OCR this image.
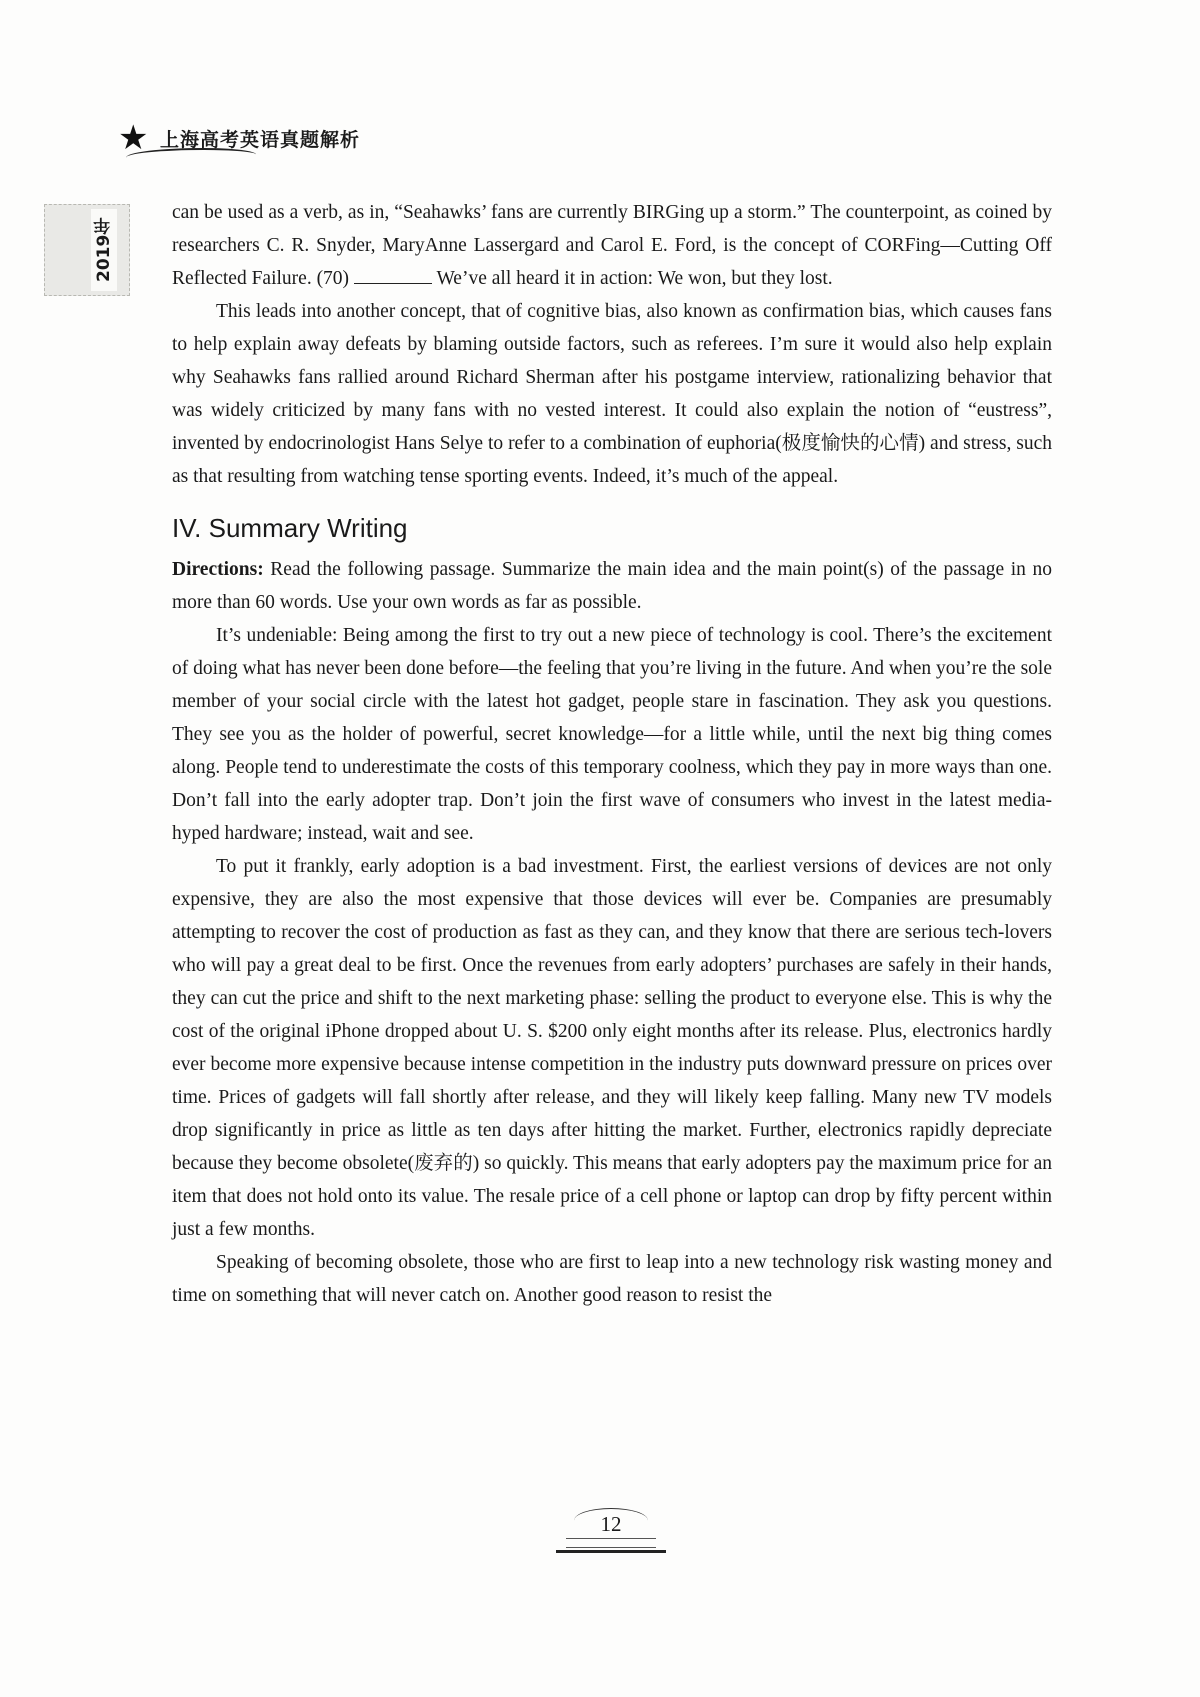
★ 上海高考英语真题解析
2019年

can be used as a verb, as in, “Seahawks’ fans are currently BIRGing up a storm.” The counterpoint, as coined by researchers C. R. Snyder, MaryAnne Lassergard and Carol E. Ford, is the concept of CORFing—Cutting Off Reflected Failure. (70)	We’ve all heard it in action: We won, but they lost.

This leads into another concept, that of cognitive bias, also known as confirmation bias, which causes fans to help explain away defeats by blaming outside factors, such as referees. I’m sure it would also help explain why Seahawks fans rallied around Richard Sherman after his postgame interview, rationalizing behavior that was widely criticized by many fans with no vested interest. It could also explain the notion of “eustress”, invented by endocrinologist Hans Selye to refer to a combination of euphoria(极度愉快的心情) and stress, such as that resulting from watching tense sporting events. Indeed, it’s much of the appeal.

IV. Summary Writing

Directions: Read the following passage. Summarize the main idea and the main point(s) of the passage in no more than 60 words. Use your own words as far as possible.

It’s undeniable: Being among the first to try out a new piece of technology is cool. There’s the excitement of doing what has never been done before—the feeling that you’re living in the future. And when you’re the sole member of your social circle with the latest hot gadget, people stare in fascination. They ask you questions. They see you as the holder of powerful, secret knowledge—for a little while, until the next big thing comes along. People tend to underestimate the costs of this temporary coolness, which they pay in more ways than one. Don’t fall into the early adopter trap. Don’t join the first wave of consumers who invest in the latest media-hyped hardware; instead, wait and see.

To put it frankly, early adoption is a bad investment. First, the earliest versions of devices are not only expensive, they are also the most expensive that those devices will ever be. Companies are presumably attempting to recover the cost of production as fast as they can, and they know that there are serious tech-lovers who will pay a great deal to be first. Once the revenues from early adopters’ purchases are safely in their hands, they can cut the price and shift to the next marketing phase: selling the product to everyone else. This is why the cost of the original iPhone dropped about U. S. $200 only eight months after its release. Plus, electronics hardly ever become more expensive because intense competition in the industry puts downward pressure on prices over time. Prices of gadgets will fall shortly after release, and they will likely keep falling. Many new TV models drop significantly in price as little as ten days after hitting the market. Further, electronics rapidly depreciate because they become obsolete(废弃的) so quickly. This means that early adopters pay the maximum price for an item that does not hold onto its value. The resale price of a cell phone or laptop can drop by fifty percent within just a few months.

Speaking of becoming obsolete, those who are first to leap into a new technology risk wasting money and time on something that will never catch on. Another good reason to resist the

12
